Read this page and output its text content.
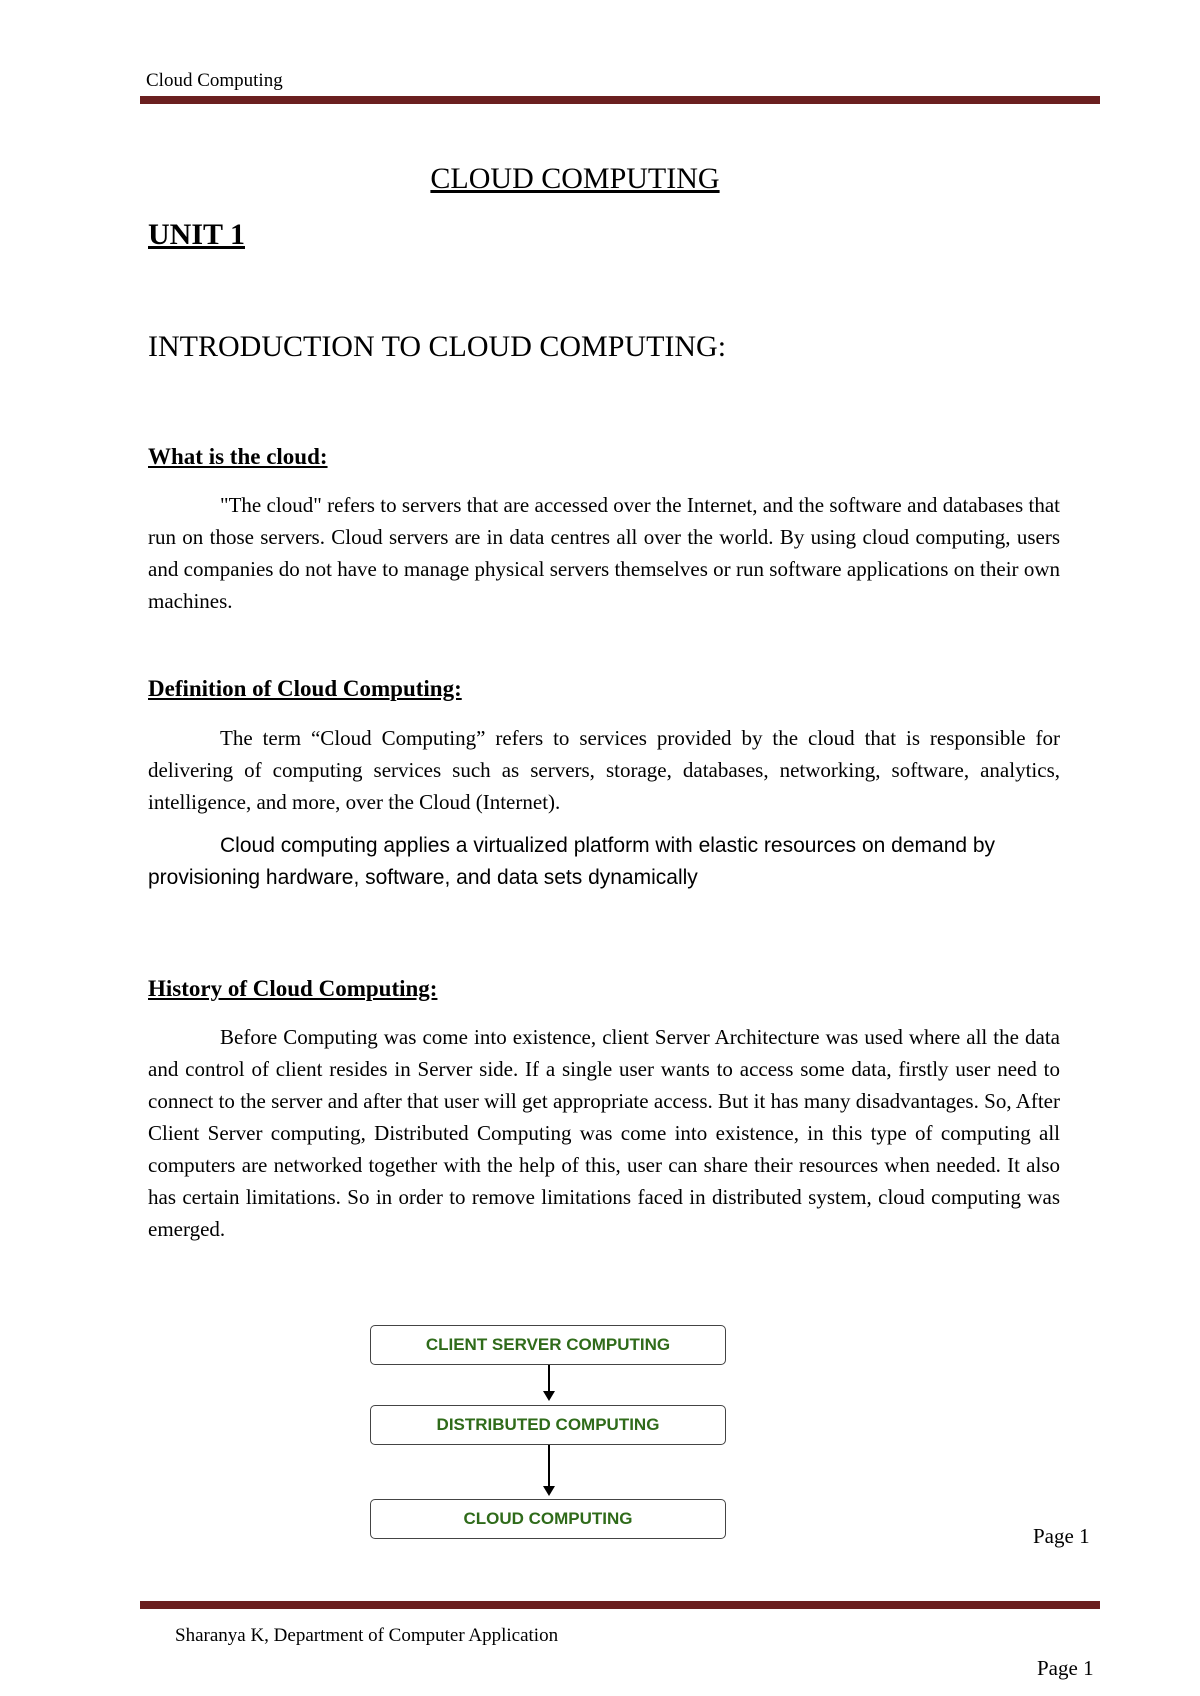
Cloud Computing
CLOUD COMPUTING
UNIT 1
INTRODUCTION TO CLOUD COMPUTING:
What is the cloud:
"The cloud" refers to servers that are accessed over the Internet, and the software and databases that run on those servers. Cloud servers are in data centres all over the world. By using cloud computing, users and companies do not have to manage physical servers themselves or run software applications on their own machines.
Definition of Cloud Computing:
The term “Cloud Computing” refers to services provided by the cloud that is responsible for delivering of computing services such as servers, storage, databases, networking, software, analytics, intelligence, and more, over the Cloud (Internet).
Cloud computing applies a virtualized platform with elastic resources on demand by provisioning hardware, software, and data sets dynamically
History of Cloud Computing:
Before Computing was come into existence, client Server Architecture was used where all the data and control of client resides in Server side. If a single user wants to access some data, firstly user need to connect to the server and after that user will get appropriate access. But it has many disadvantages. So, After Client Server computing, Distributed Computing was come into existence, in this type of computing all computers are networked together with the help of this, user can share their resources when needed. It also has certain limitations. So in order to remove limitations faced in distributed system, cloud computing was emerged.
CLIENT SERVER COMPUTING
DISTRIBUTED COMPUTING
CLOUD COMPUTING
Page 1
Sharanya K, Department of Computer Application
Page 1
